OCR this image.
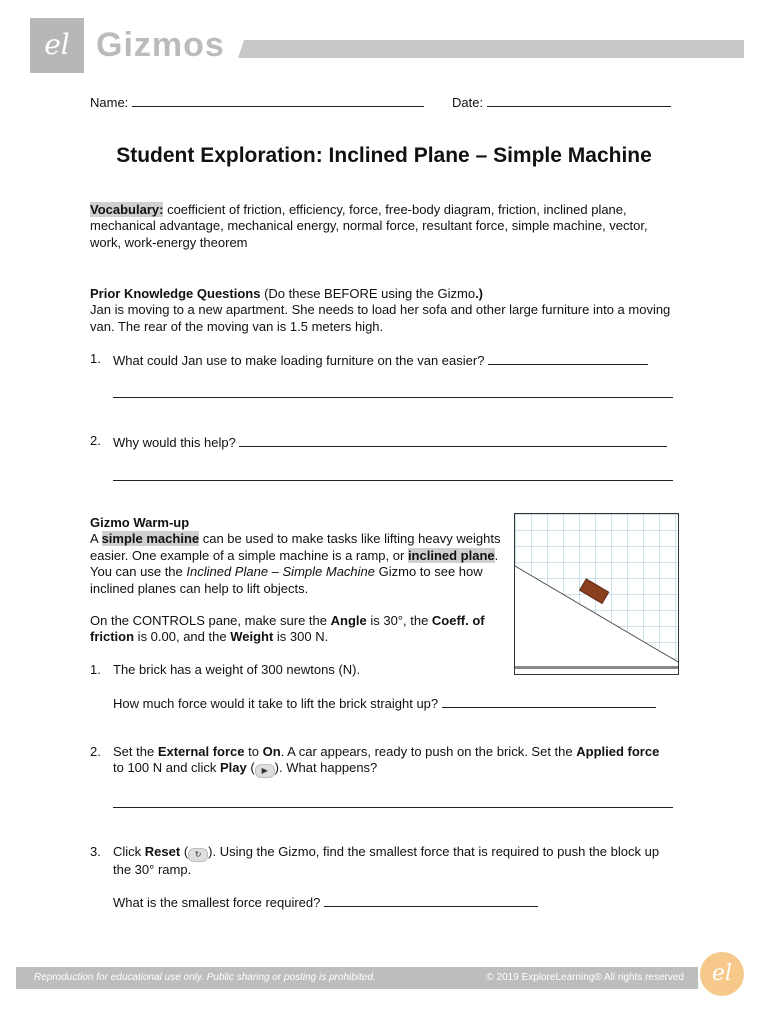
el Gizmos
Name:	Date:
Student Exploration: Inclined Plane – Simple Machine

Vocabulary: coefficient of friction, efficiency, force, free-body diagram, friction, inclined plane, mechanical advantage, mechanical energy, normal force, resultant force, simple machine, vector, work, work-energy theorem

Prior Knowledge Questions (Do these BEFORE using the Gizmo.)

Jan is moving to a new apartment. She needs to load her sofa and other large furniture into a moving van. The rear of the moving van is 1.5 meters high.

1. What could Jan use to make loading furniture on the van easier?
2. Why would this help?

Gizmo Warm-up

A simple machine can be used to make tasks like lifting heavy weights easier. One example of a simple machine is a ramp, or inclined plane. You can use the Inclined Plane – Simple Machine Gizmo to see how inclined planes can help to lift objects.

On the CONTROLS pane, make sure the Angle is 30°, the Coeff. of friction is 0.00, and the Weight is 300 N.

1. The brick has a weight of 300 newtons (N).
How much force would it take to lift the brick straight up?
2. Set the External force to On. A car appears, ready to push on the brick. Set the Applied force to 100 N and click Play ( ▶ ). What happens?
3. Click Reset ( ↻ ). Using the Gizmo, find the smallest force that is required to push the block up the 30° ramp.
What is the smallest force required?
Reproduction for educational use only. Public sharing or posting is prohibited.	© 2019 ExploreLearning® All rights reserved el
